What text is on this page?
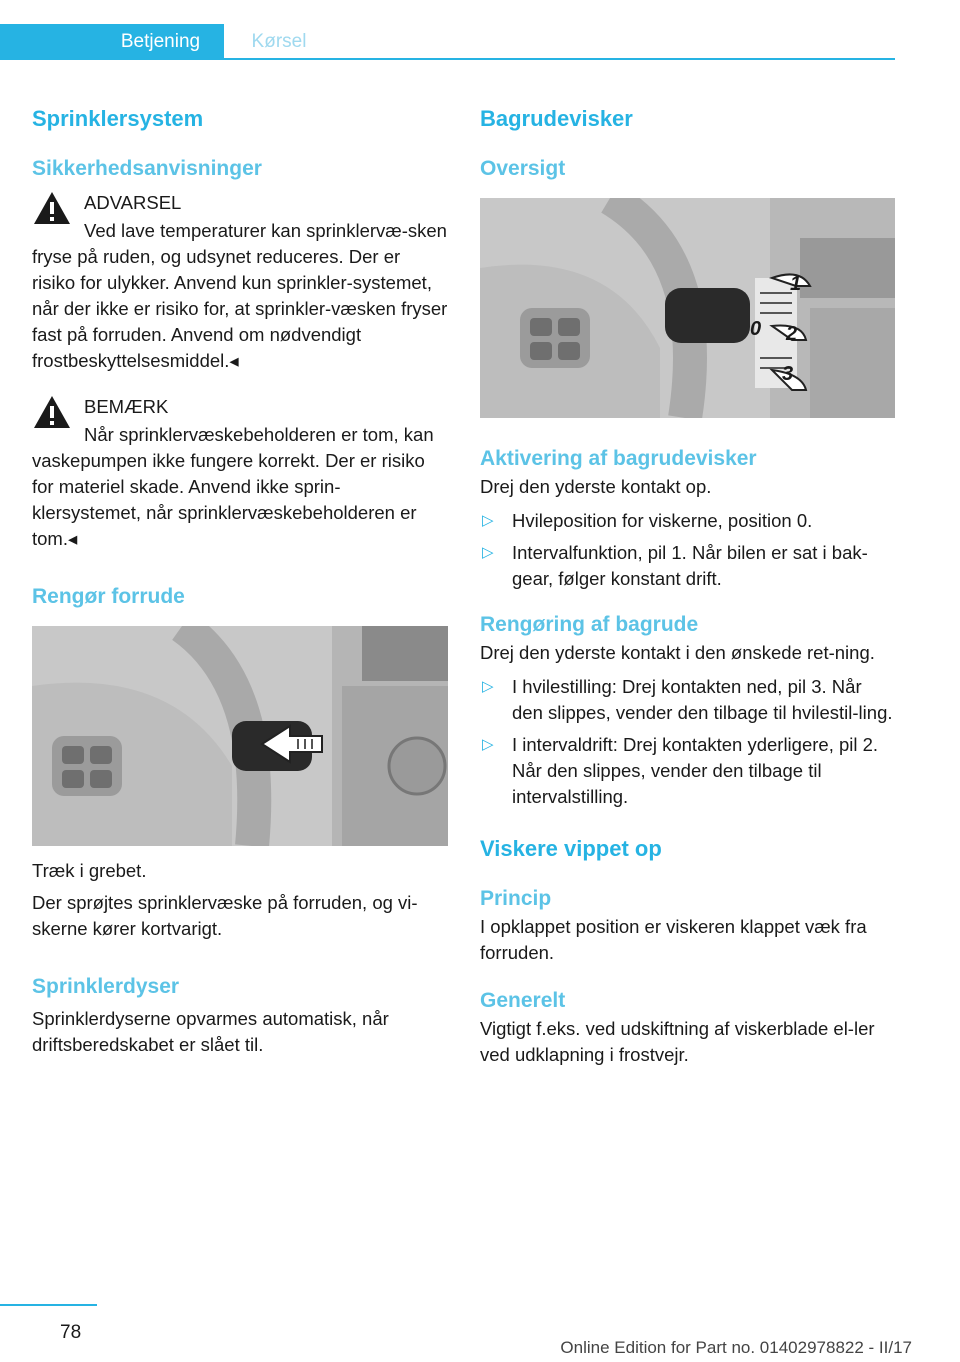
Betjening	Kørsel
Sprinklersystem
Sikkerhedsanvisninger
ADVARSEL
Ved lave temperaturer kan sprinklervæ-sken fryse på ruden, og udsynet reduceres. Der er risiko for ulykker. Anvend kun sprinkler-systemet, når der ikke er risiko for, at sprinkler-væsken fryser fast på forruden. Anvend om nødvendigt frostbeskyttelsesmiddel.◂
BEMÆRK
Når sprinklervæskebeholderen er tom, kan vaskepumpen ikke fungere korrekt. Der er risiko for materiel skade. Anvend ikke sprin-klersystemet, når sprinklervæskebeholderen er tom.◂
Rengør forrude
Træk i grebet.
Der sprøjtes sprinklervæske på forruden, og vi-skerne kører kortvarigt.
Sprinklerdyser
Sprinklerdyserne opvarmes automatisk, når driftsberedskabet er slået til.
Bagrudevisker
Oversigt
1
0 2
3
Aktivering af bagrudevisker
Drej den yderste kontakt op.
▷ Hvileposition for viskerne, position 0.
▷ Intervalfunktion, pil 1. Når bilen er sat i bak-gear, følger konstant drift.
Rengøring af bagrude
Drej den yderste kontakt i den ønskede ret-ning.
▷ I hvilestilling: Drej kontakten ned, pil 3. Når den slippes, vender den tilbage til hvilestil-ling.
▷ I intervaldrift: Drej kontakten yderligere, pil 2. Når den slippes, vender den tilbage til intervalstilling.
Viskere vippet op
Princip
I opklappet position er viskeren klappet væk fra forruden.
Generelt
Vigtigt f.eks. ved udskiftning af viskerblade el-ler ved udklapning i frostvejr.
78
Online Edition for Part no. 01402978822 - II/17
